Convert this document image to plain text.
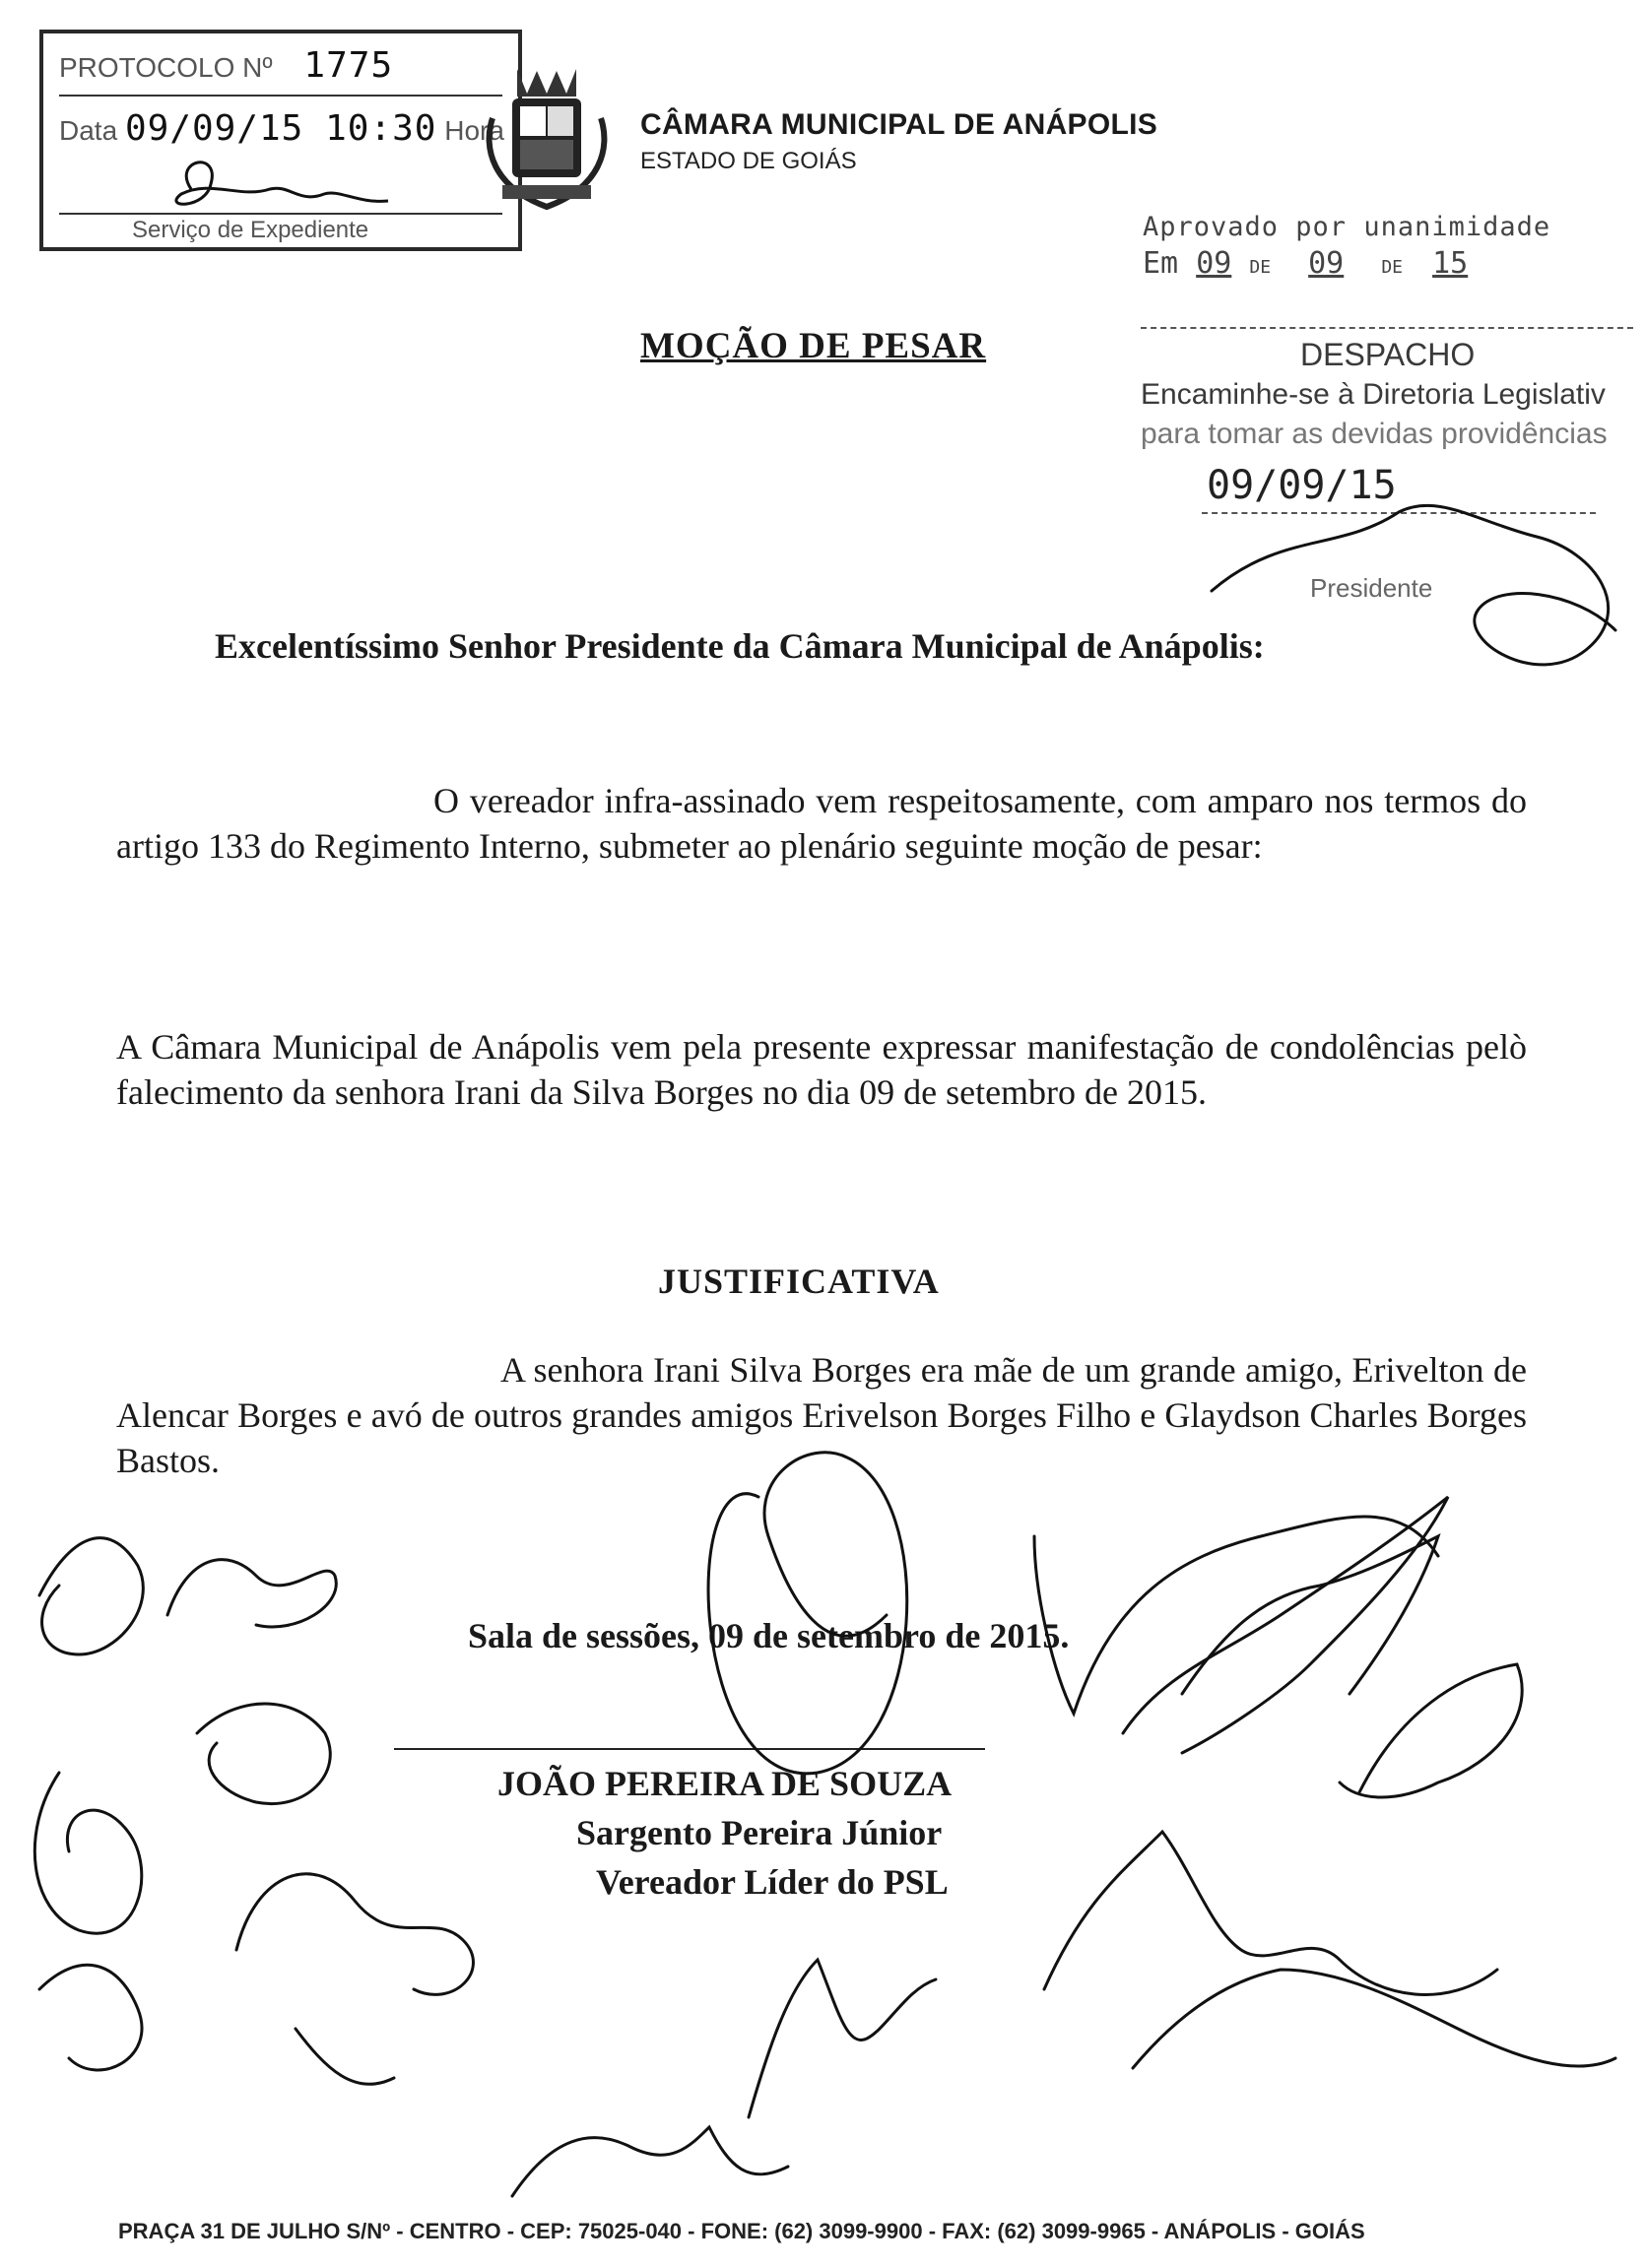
PROTOCOLO Nº 1775
Data 09/09/15 10:30 Hora
Serviço de Expediente
CÂMARA MUNICIPAL DE ANÁPOLIS
ESTADO DE GOIÁS
Aprovado por unanimidade
Em 09 DE 09 DE 15
DESPACHO
Encaminhe-se à Diretoria Legislativ
para tomar as devidas providências
09/09/15
Presidente
MOÇÃO DE PESAR
Excelentíssimo Senhor Presidente da Câmara Municipal de Anápolis:
O vereador infra-assinado vem respeitosamente, com amparo nos termos do artigo 133 do Regimento Interno, submeter ao plenário seguinte moção de pesar:
A Câmara Municipal de Anápolis vem pela presente expressar manifestação de condolências pelò falecimento da senhora Irani da Silva Borges no dia 09 de setembro de 2015.
JUSTIFICATIVA
A senhora Irani Silva Borges era mãe de um grande amigo, Erivelton de Alencar Borges e avó de outros grandes amigos Erivelson Borges Filho e Glaydson Charles Borges Bastos.
Sala de sessões, 09 de setembro de 2015.
JOÃO PEREIRA DE SOUZA
Sargento Pereira Júnior
Vereador Líder do PSL
PRAÇA 31 DE JULHO S/Nº - CENTRO - CEP: 75025-040 - FONE: (62) 3099-9900 - FAX: (62) 3099-9965 - ANÁPOLIS - GOIÁS
